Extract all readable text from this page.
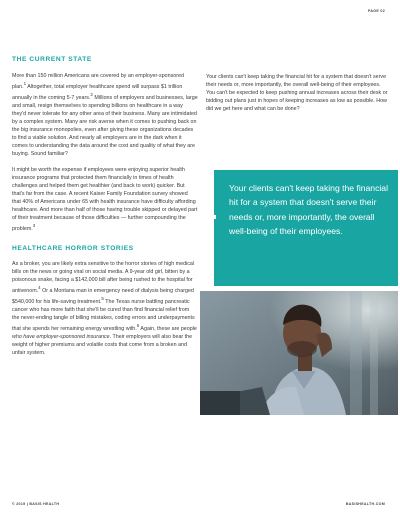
PAGE 02
THE CURRENT STATE

More than 150 million Americans are covered by an employer-sponsored plan.$^1$ Altogether, total employer healthcare spend will surpass $1 trillion annually in the coming 5-7 years.$^2$ Millions of employers and businesses, large and small, resign themselves to spending billions on healthcare in a way they'd never tolerate for any other area of their business. Many are intimidated by a complex system. Many are risk averse when it comes to pushing back on the big insurance monopolies, even after giving these organizations decades to find a viable solution. And nearly all employers are in the dark when it comes to understanding the data around the cost and quality of what they are buying. Sound familiar?

It might be worth the expense if employees were enjoying superior health insurance programs that protected them financially in times of health challenges and helped them get healthier (and back to work) quicker. But that's far from the case. A recent Kaiser Family Foundation survey showed that 40% of Americans under 65 with health insurance have difficulty affording healthcare. And more than half of those having trouble skipped or delayed part of their treatment because of those difficulties — further compounding the problem.$^3$

HEALTHCARE HORROR STORIES

As a broker, you are likely extra sensitive to the horror stories of high medical bills on the news or going viral on social media. A 9-year old girl, bitten by a poisonous snake, facing a $142,000 bill after being rushed to the hospital for antivenom.$^4$ Or a Montana man in emergency need of dialysis being charged $540,000 for his life-saving treatment.$^5$ The Texas nurse battling pancreatic cancer who has more faith that she'll be cured than find financial relief from the never-ending tangle of billing mistakes, coding errors and underpayments that she spends her remaining energy wrestling with.$^6$ Again, these are people who have employer-sponsored insurance. Their employers will also bear the weight of higher premiums and volatile costs that come from a broken and unfair system.

Your clients can't keep taking the financial hit for a system that doesn't serve their needs or, more importantly, the overall well-being of their employees. You can't be expected to keep pushing annual increases across their desk or bidding out plans just in hopes of keeping increases as low as possible. How did we get here and what can be done?

Your clients can't keep taking the financial hit for a system that doesn't serve their needs or, more importantly, the overall well-being of their employees.
© 2019 | BASIS HEALTH	BASISHEALTH.COM
